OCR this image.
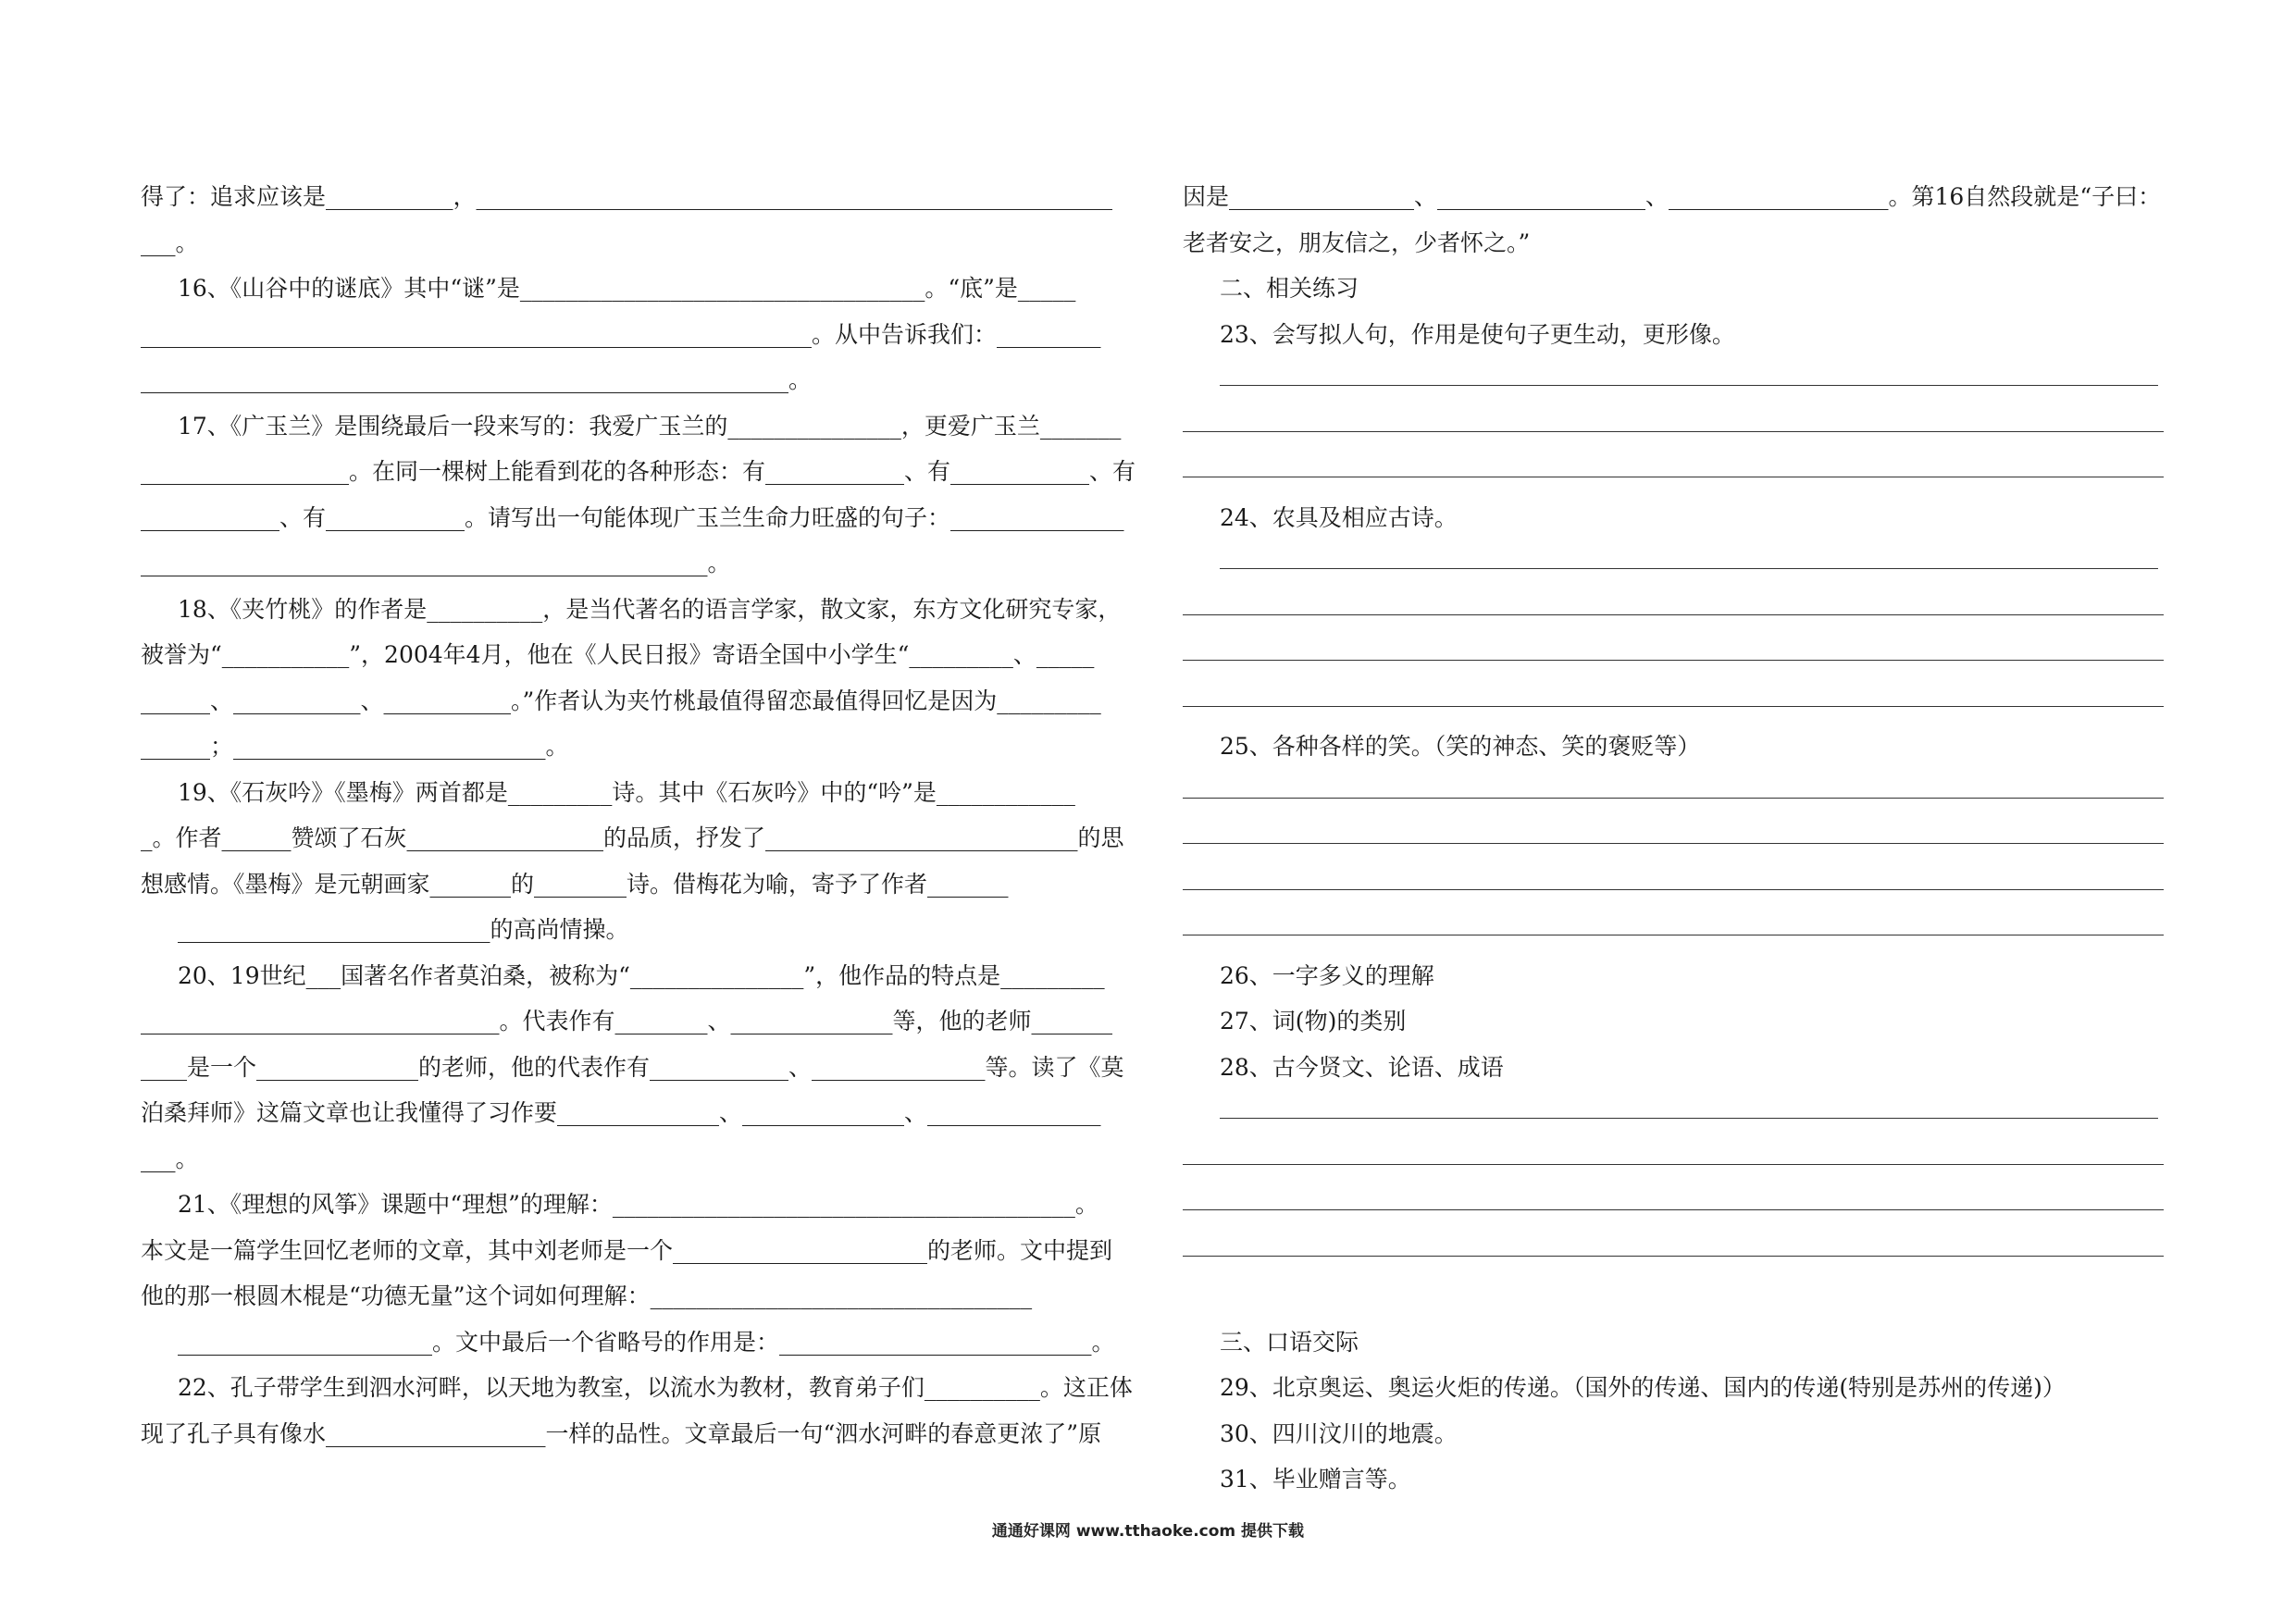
得了：追求应该是___________，_______________________________________________________
___。
16、《山谷中的谜底》其中“谜”是___________________________________。“底”是_____
__________________________________________________________。从中告诉我们：_________
________________________________________________________。
17、《广玉兰》是围绕最后一段来写的：我爱广玉兰的_______________，更爱广玉兰_______
__________________。在同一棵树上能看到花的各种形态：有____________、有____________、有
____________、有____________。请写出一句能体现广玉兰生命力旺盛的句子：_______________
_________________________________________________。
18、《夹竹桃》的作者是__________，是当代著名的语言学家，散文家，东方文化研究专家，
被誉为“___________”，2004年4月，他在《人民日报》寄语全国中小学生“_________、_____
______、___________、___________。”作者认为夹竹桃最值得留恋最值得回忆是因为_________
______；___________________________。
19、《石灰吟》《墨梅》两首都是_________诗。其中《石灰吟》中的“吟”是____________
_。作者______赞颂了石灰_________________的品质，抒发了___________________________的思
想感情。《墨梅》是元朝画家_______的________诗。借梅花为喻，寄予了作者_______
___________________________的高尚情操。
20、19世纪___国著名作者莫泊桑，被称为“_______________”，他作品的特点是_________
_______________________________。代表作有________、______________等，他的老师_______
____是一个______________的老师，他的代表作有____________、_______________等。读了《莫
泊桑拜师》这篇文章也让我懂得了习作要______________、______________、_______________
___。
21、《理想的风筝》课题中“理想”的理解：________________________________________。
本文是一篇学生回忆老师的文章，其中刘老师是一个______________________的老师。文中提到
他的那一根圆木棍是“功德无量”这个词如何理解：_________________________________
______________________。文中最后一个省略号的作用是：___________________________。
22、孔子带学生到泗水河畔，以天地为教室，以流水为教材，教育弟子们__________。这正体
现了孔子具有像水___________________一样的品性。文章最后一句“泗水河畔的春意更浓了”原
因是________________、__________________、___________________。第16自然段就是“子曰：
老者安之，朋友信之，少者怀之。”
二、相关练习
23、会写拟人句，作用是使句子更生动，更形像。
24、农具及相应古诗。
25、各种各样的笑。（笑的神态、笑的褒贬等）
26、一字多义的理解
27、词(物)的类别
28、古今贤文、论语、成语
三、口语交际
29、北京奥运、奥运火炬的传递。（国外的传递、国内的传递(特别是苏州的传递)）
30、四川汶川的地震。
31、毕业赠言等。
通通好课网 www.tthaoke.com 提供下载
